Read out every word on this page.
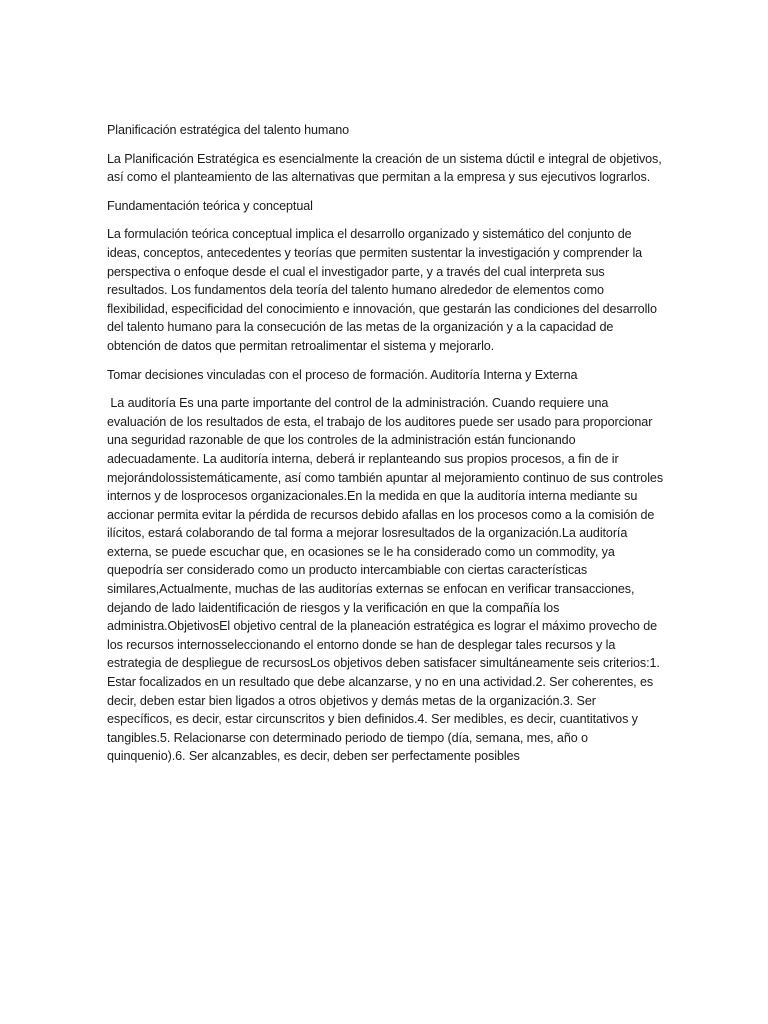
Planificación estratégica del talento humano

La Planificación Estratégica es esencialmente la creación de un sistema dúctil e integral de objetivos, así como el planteamiento de las alternativas que permitan a la empresa y sus ejecutivos lograrlos.

Fundamentación teórica y conceptual

La formulación teórica conceptual implica el desarrollo organizado y sistemático del conjunto de ideas, conceptos, antecedentes y teorías que permiten sustentar la investigación y comprender la perspectiva o enfoque desde el cual el investigador parte, y a través del cual interpreta sus resultados. Los fundamentos dela teoría del talento humano alrededor de elementos como flexibilidad, especificidad del conocimiento e innovación, que gestarán las condiciones del desarrollo del talento humano para la consecución de las metas de la organización y a la capacidad de obtención de datos que permitan retroalimentar el sistema y mejorarlo.

Tomar decisiones vinculadas con el proceso de formación. Auditoría Interna y Externa

La auditoría Es una parte importante del control de la administración. Cuando requiere una evaluación de los resultados de esta, el trabajo de los auditores puede ser usado para proporcionar una seguridad razonable de que los controles de la administración están funcionando adecuadamente. La auditoría interna, deberá ir replanteando sus propios procesos, a fin de ir mejorándolossistemáticamente, así como también apuntar al mejoramiento continuo de sus controles internos y de losprocesos organizacionales.En la medida en que la auditoría interna mediante su accionar permita evitar la pérdida de recursos debido afallas en los procesos como a la comisión de ilícitos, estará colaborando de tal forma a mejorar losresultados de la organización.La auditoría externa, se puede escuchar que, en ocasiones se le ha considerado como un commodity, ya quepodría ser considerado como un producto intercambiable con ciertas características similares,Actualmente, muchas de las auditorías externas se enfocan en verificar transacciones, dejando de lado laidentificación de riesgos y la verificación en que la compañía los administra.ObjetivosEl objetivo central de la planeación estratégica es lograr el máximo provecho de los recursos internosseleccionando el entorno donde se han de desplegar tales recursos y la estrategia de despliegue de recursosLos objetivos deben satisfacer simultáneamente seis criterios:1. Estar focalizados en un resultado que debe alcanzarse, y no en una actividad.2. Ser coherentes, es decir, deben estar bien ligados a otros objetivos y demás metas de la organización.3. Ser específicos, es decir, estar circunscritos y bien definidos.4. Ser medibles, es decir, cuantitativos y tangibles.5. Relacionarse con determinado periodo de tiempo (día, semana, mes, año o quinquenio).6. Ser alcanzables, es decir, deben ser perfectamente posibles
